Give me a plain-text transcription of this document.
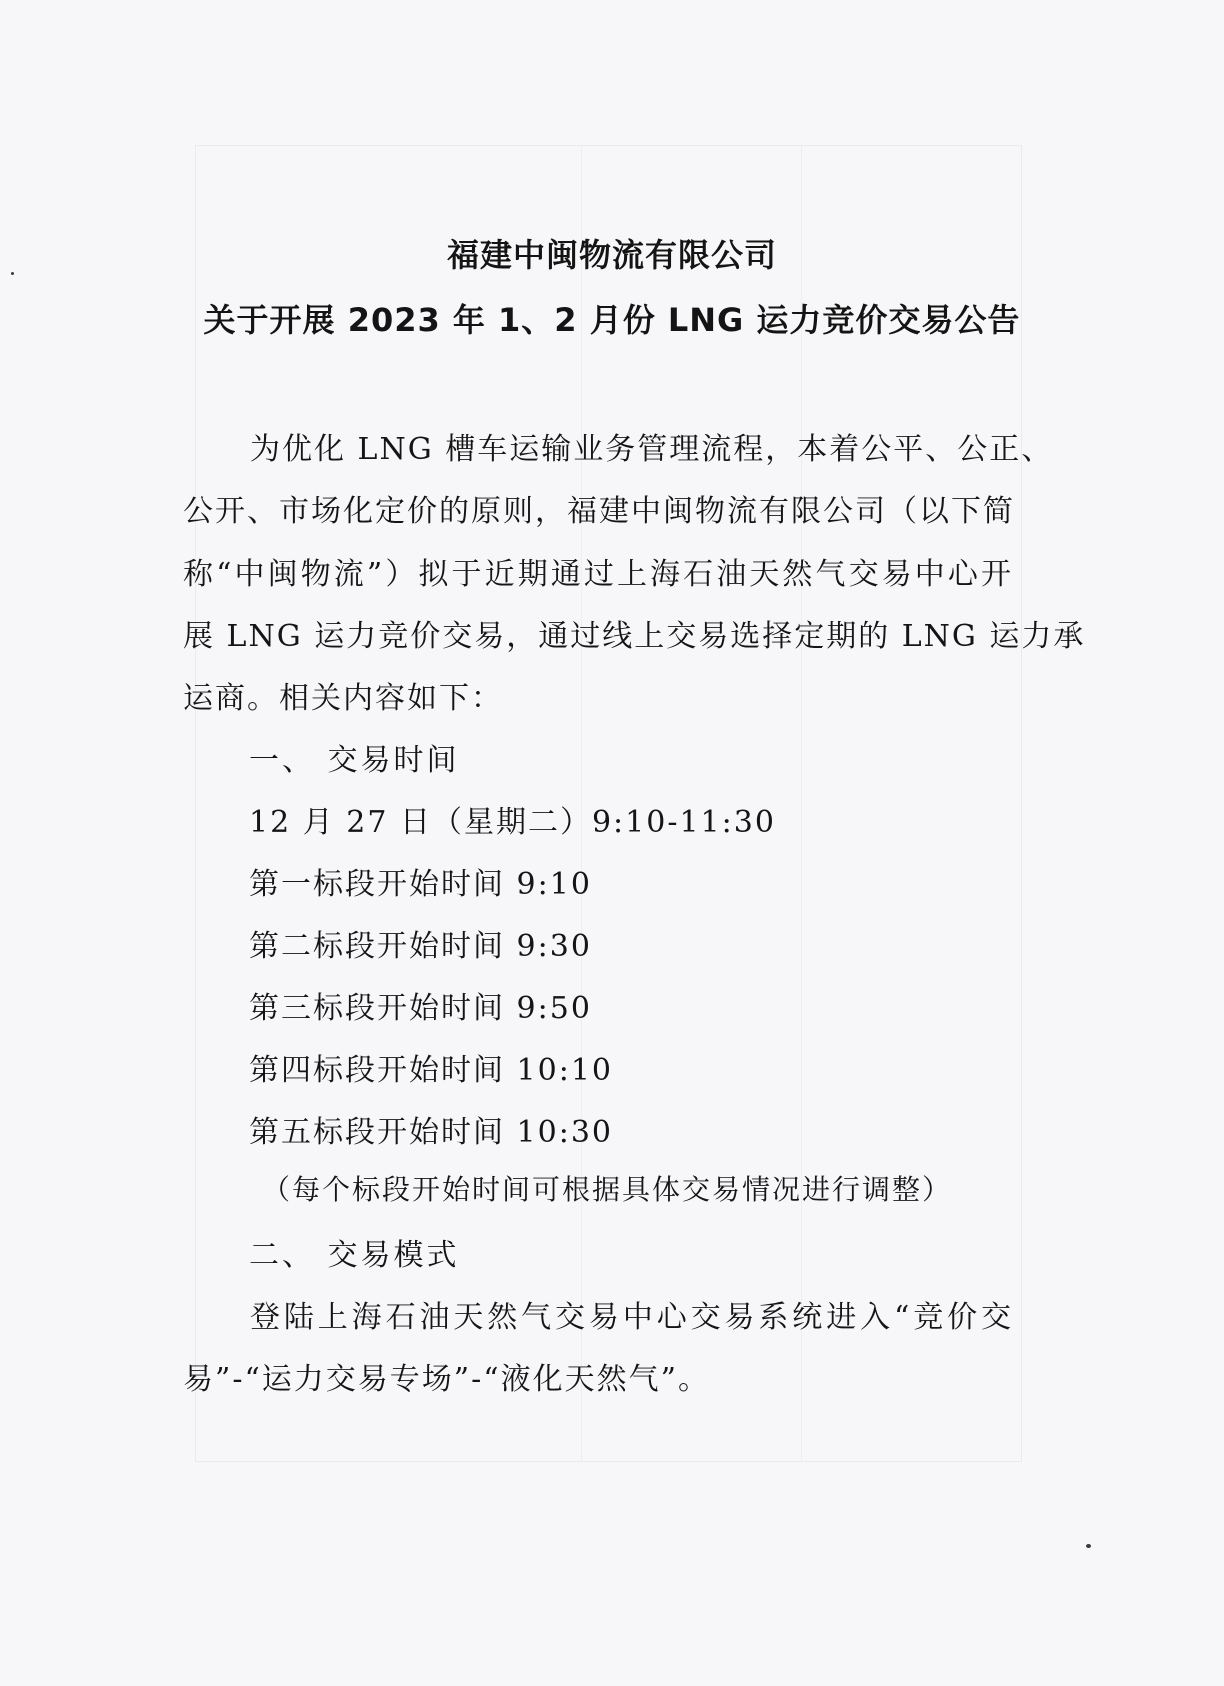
福建中闽物流有限公司
关于开展 2023 年 1、2 月份 LNG 运力竞价交易公告
为优化 LNG 槽车运输业务管理流程，本着公平、公正、
公开、市场化定价的原则，福建中闽物流有限公司（以下简
称“中闽物流”）拟于近期通过上海石油天然气交易中心开
展 LNG 运力竞价交易，通过线上交易选择定期的 LNG 运力承
运商。相关内容如下：
一、 交易时间
12 月 27 日（星期二）9:10-11:30
第一标段开始时间 9:10
第二标段开始时间 9:30
第三标段开始时间 9:50
第四标段开始时间 10:10
第五标段开始时间 10:30
（每个标段开始时间可根据具体交易情况进行调整）
二、 交易模式
登陆上海石油天然气交易中心交易系统进入“竞价交
易”-“运力交易专场”-“液化天然气”。
